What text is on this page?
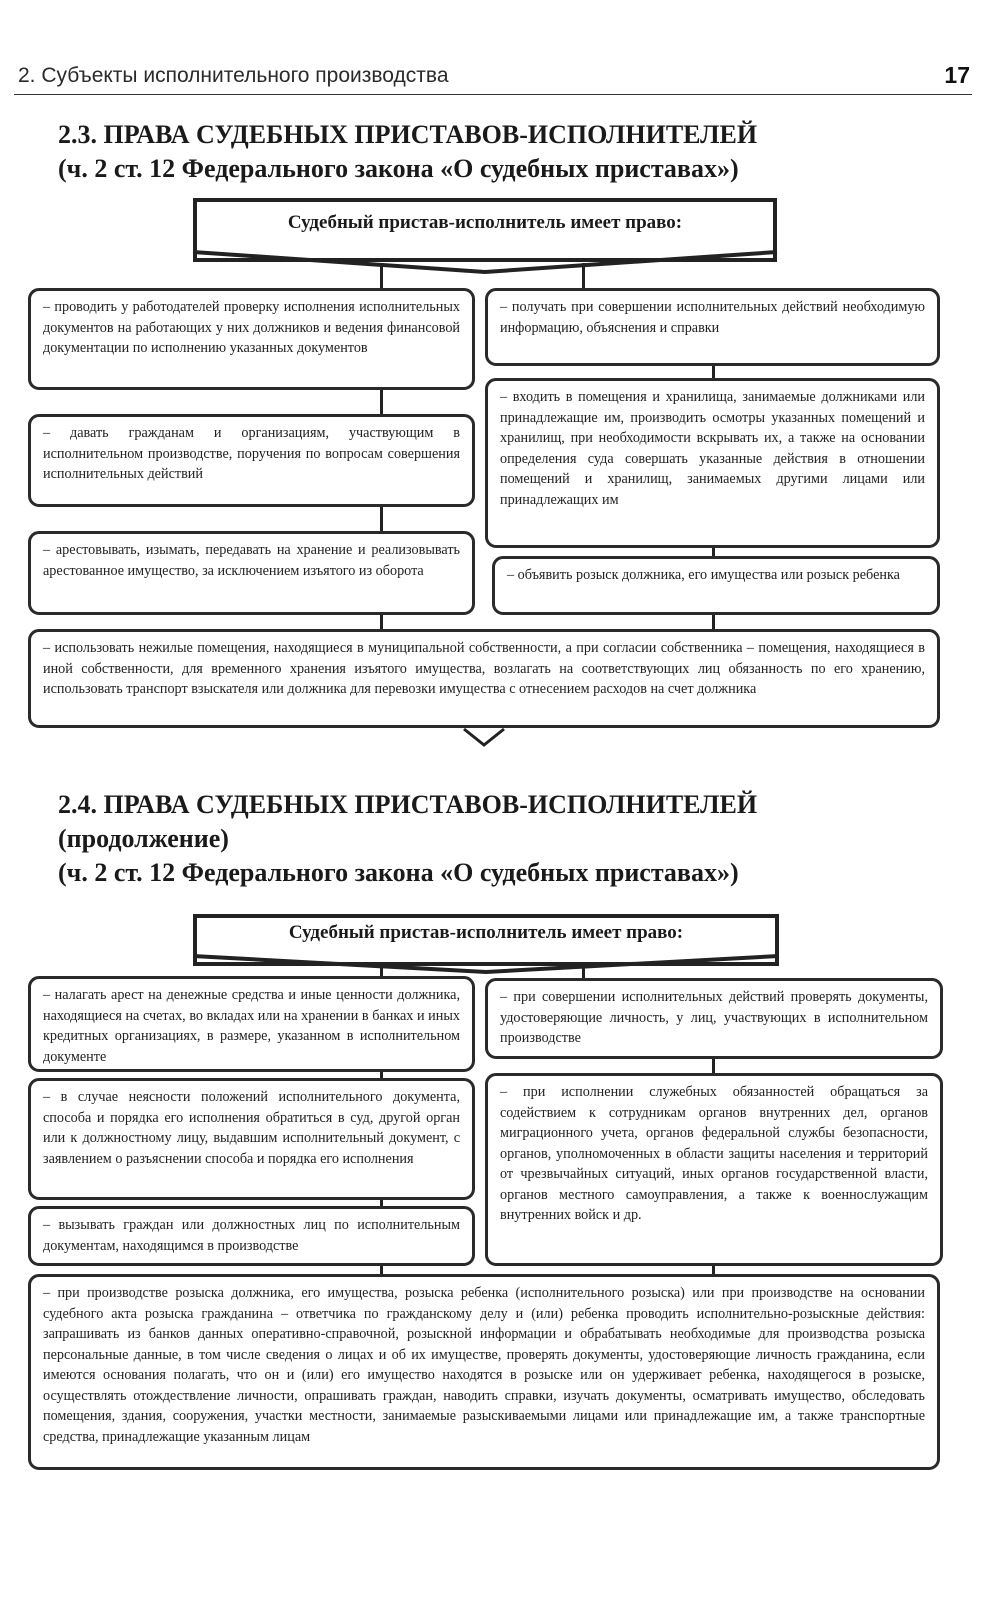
2. Субъекты исполнительного производства	17
2.3. ПРАВА СУДЕБНЫХ ПРИСТАВОВ-ИСПОЛНИТЕЛЕЙ
(ч. 2 ст. 12 Федерального закона «О судебных приставах»)
Судебный пристав-исполнитель имеет право:
– проводить у работодателей проверку исполнения исполнительных документов на работающих у них должников и ведения финансовой документации по исполнению указанных документов
– получать при совершении исполнительных действий необходимую информацию, объяснения и справки
– давать гражданам и организациям, участвующим в исполнительном производстве, поручения по вопросам совершения исполнительных действий
– входить в помещения и хранилища, занимаемые должниками или принадлежащие им, производить осмотры указанных помещений и хранилищ, при необходимости вскрывать их, а также на основании определения суда совершать указанные действия в отношении помещений и хранилищ, занимаемых другими лицами или принадлежащих им
– арестовывать, изымать, передавать на хранение и реализовывать арестованное имущество, за исключением изъятого из оборота	– объявить розыск должника, его имущества или розыск ребенка
– использовать нежилые помещения, находящиеся в муниципальной собственности, а при согласии собственника – помещения, находящиеся в иной собственности, для временного хранения изъятого имущества, возлагать на соответствующих лиц обязанность по его хранению, использовать транспорт взыскателя или должника для перевозки имущества с отнесением расходов на счет должника
2.4. ПРАВА СУДЕБНЫХ ПРИСТАВОВ-ИСПОЛНИТЕЛЕЙ
(продолжение)
(ч. 2 ст. 12 Федерального закона «О судебных приставах»)
Судебный пристав-исполнитель имеет право:
– налагать арест на денежные средства и иные ценности должника, находящиеся на счетах, во вкладах или на хранении в банках и иных кредитных организациях, в размере, указанном в исполнительном документе
– при совершении исполнительных действий проверять документы, удостоверяющие личность, у лиц, участвующих в исполнительном производстве
– в случае неясности положений исполнительного документа, способа и порядка его исполнения обратиться в суд, другой орган или к должностному лицу, выдавшим исполнительный документ, с заявлением о разъяснении способа и порядка его исполнения
– при исполнении служебных обязанностей обращаться за содействием к сотрудникам органов внутренних дел, органов миграционного учета, органов федеральной службы безопасности, органов, уполномоченных в области защиты населения и территорий от чрезвычайных ситуаций, иных органов государственной власти, органов местного самоуправления, а также к военнослужащим внутренних войск и др.
– вызывать граждан или должностных лиц по исполнительным документам, находящимся в производстве
– при производстве розыска должника, его имущества, розыска ребенка (исполнительного розыска) или при производстве на основании судебного акта розыска гражданина – ответчика по гражданскому делу и (или) ребенка проводить исполнительно-розыскные действия: запрашивать из банков данных оперативно-справочной, розыскной информации и обрабатывать необходимые для производства розыска персональные данные, в том числе сведения о лицах и об их имуществе, проверять документы, удостоверяющие личность гражданина, если имеются основания полагать, что он и (или) его имущество находятся в розыске или он удерживает ребенка, находящегося в розыске, осуществлять отождествление личности, опрашивать граждан, наводить справки, изучать документы, осматривать имущество, обследовать помещения, здания, сооружения, участки местности, занимаемые разыскиваемыми лицами или принадлежащие им, а также транспортные средства, принадлежащие указанным лицам
